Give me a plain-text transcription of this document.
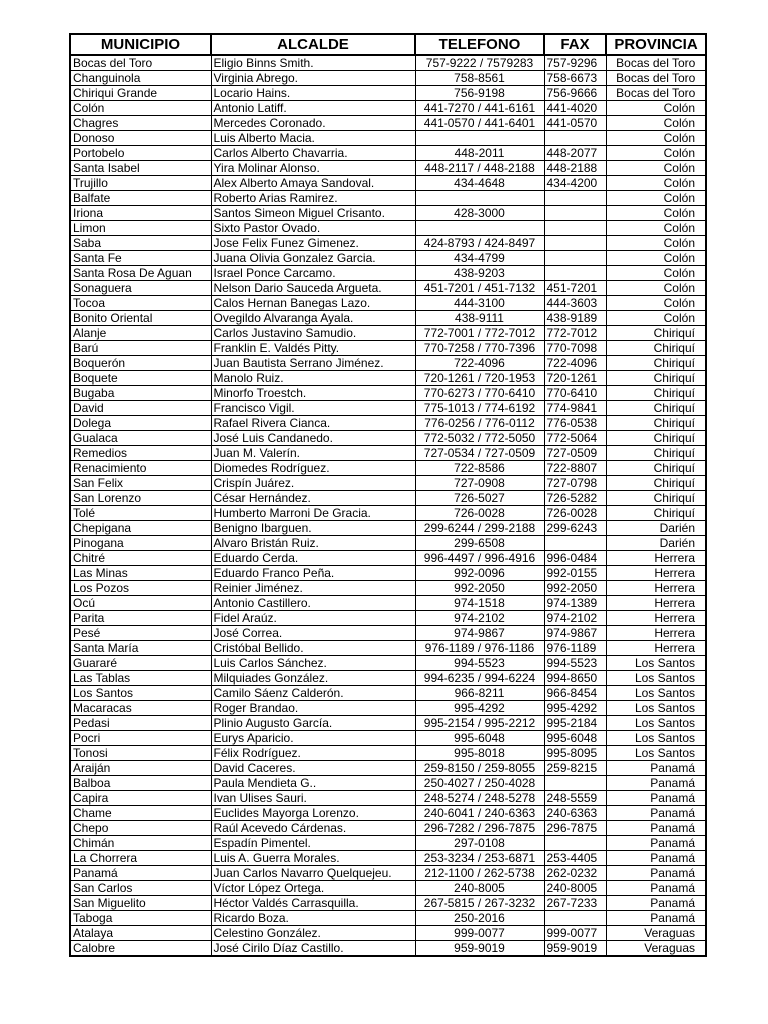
MUNICIPIO	ALCALDE	TELEFONO	FAX	PROVINCIA
Bocas del Toro	Eligio Binns Smith.	757-9222 / 7579283	757-9296	Bocas del Toro
Changuinola	Virginia Abrego.	758-8561	758-6673	Bocas del Toro
Chiriqui Grande	Locario Hains.	756-9198	756-9666	Bocas del Toro
Colón	Antonio Latiff.	441-7270 / 441-6161	441-4020	Colón
Chagres	Mercedes Coronado.	441-0570 / 441-6401	441-0570	Colón
Donoso	Luis Alberto Macia.			Colón
Portobelo	Carlos Alberto Chavarria.	448-2011	448-2077	Colón
Santa Isabel	Yira Molinar Alonso.	448-2117 / 448-2188	448-2188	Colón
Trujillo	Alex Alberto Amaya Sandoval.	434-4648	434-4200	Colón
Balfate	Roberto Arias Ramirez.			Colón
Iriona	Santos Simeon Miguel Crisanto.	428-3000		Colón
Limon	Sixto Pastor Ovado.			Colón
Saba	Jose Felix Funez Gimenez.	424-8793 / 424-8497		Colón
Santa Fe	Juana Olivia Gonzalez Garcia.	434-4799		Colón
Santa Rosa De Aguan	Israel Ponce Carcamo.	438-9203		Colón
Sonaguera	Nelson Dario Sauceda Argueta.	451-7201 / 451-7132	451-7201	Colón
Tocoa	Calos Hernan Banegas Lazo.	444-3100	444-3603	Colón
Bonito Oriental	Ovegildo Alvaranga Ayala.	438-9111	438-9189	Colón
Alanje	Carlos Justavino Samudio.	772-7001 / 772-7012	772-7012	Chiriquí
Barú	Franklin E. Valdés Pitty.	770-7258 / 770-7396	770-7098	Chiriquí
Boquerón	Juan Bautista Serrano Jiménez.	722-4096	722-4096	Chiriquí
Boquete	Manolo Ruiz.	720-1261 / 720-1953	720-1261	Chiriquí
Bugaba	Minorfo Troestch.	770-6273 / 770-6410	770-6410	Chiriquí
David	Francisco Vigil.	775-1013 / 774-6192	774-9841	Chiriquí
Dolega	Rafael Rivera Cianca.	776-0256 / 776-0112	776-0538	Chiriquí
Gualaca	José Luis Candanedo.	772-5032 / 772-5050	772-5064	Chiriquí
Remedios	Juan M. Valerín.	727-0534 / 727-0509	727-0509	Chiriquí
Renacimiento	Diomedes Rodríguez.	722-8586	722-8807	Chiriquí
San Felix	Crispín Juárez.	727-0908	727-0798	Chiriquí
San Lorenzo	César Hernández.	726-5027	726-5282	Chiriquí
Tolé	Humberto Marroni De Gracia.	726-0028	726-0028	Chiriquí
Chepigana	Benigno Ibarguen.	299-6244 / 299-2188	299-6243	Darién
Pinogana	Alvaro Bristán Ruiz.	299-6508		Darién
Chitré	Eduardo Cerda.	996-4497 / 996-4916	996-0484	Herrera
Las Minas	Eduardo Franco Peña.	992-0096	992-0155	Herrera
Los Pozos	Reinier Jiménez.	992-2050	992-2050	Herrera
Ocú	Antonio Castillero.	974-1518	974-1389	Herrera
Parita	Fidel Araúz.	974-2102	974-2102	Herrera
Pesé	José Correa.	974-9867	974-9867	Herrera
Santa María	Cristóbal Bellido.	976-1189 / 976-1186	976-1189	Herrera
Guararé	Luis Carlos Sánchez.	994-5523	994-5523	Los Santos
Las Tablas	Milquiades González.	994-6235 / 994-6224	994-8650	Los Santos
Los Santos	Camilo Sáenz Calderón.	966-8211	966-8454	Los Santos
Macaracas	Roger Brandao.	995-4292	995-4292	Los Santos
Pedasi	Plinio Augusto García.	995-2154 / 995-2212	995-2184	Los Santos
Pocri	Eurys Aparicio.	995-6048	995-6048	Los Santos
Tonosi	Félix Rodríguez.	995-8018	995-8095	Los Santos
Araiján	David Caceres.	259-8150 / 259-8055	259-8215	Panamá
Balboa	Paula Mendieta G..	250-4027 / 250-4028		Panamá
Capira	Ivan Ulises Sauri.	248-5274 / 248-5278	248-5559	Panamá
Chame	Euclides Mayorga Lorenzo.	240-6041 / 240-6363	240-6363	Panamá
Chepo	Raúl Acevedo Cárdenas.	296-7282 / 296-7875	296-7875	Panamá
Chimán	Espadín Pimentel.	297-0108		Panamá
La Chorrera	Luis A. Guerra Morales.	253-3234 / 253-6871	253-4405	Panamá
Panamá	Juan Carlos Navarro Quelquejeu.	212-1100 / 262-5738	262-0232	Panamá
San Carlos	Víctor López Ortega.	240-8005	240-8005	Panamá
San Miguelito	Héctor Valdés Carrasquilla.	267-5815 / 267-3232	267-7233	Panamá
Taboga	Ricardo Boza.	250-2016		Panamá
Atalaya	Celestino González.	999-0077	999-0077	Veraguas
Calobre	José Cirilo Díaz Castillo.	959-9019	959-9019	Veraguas
